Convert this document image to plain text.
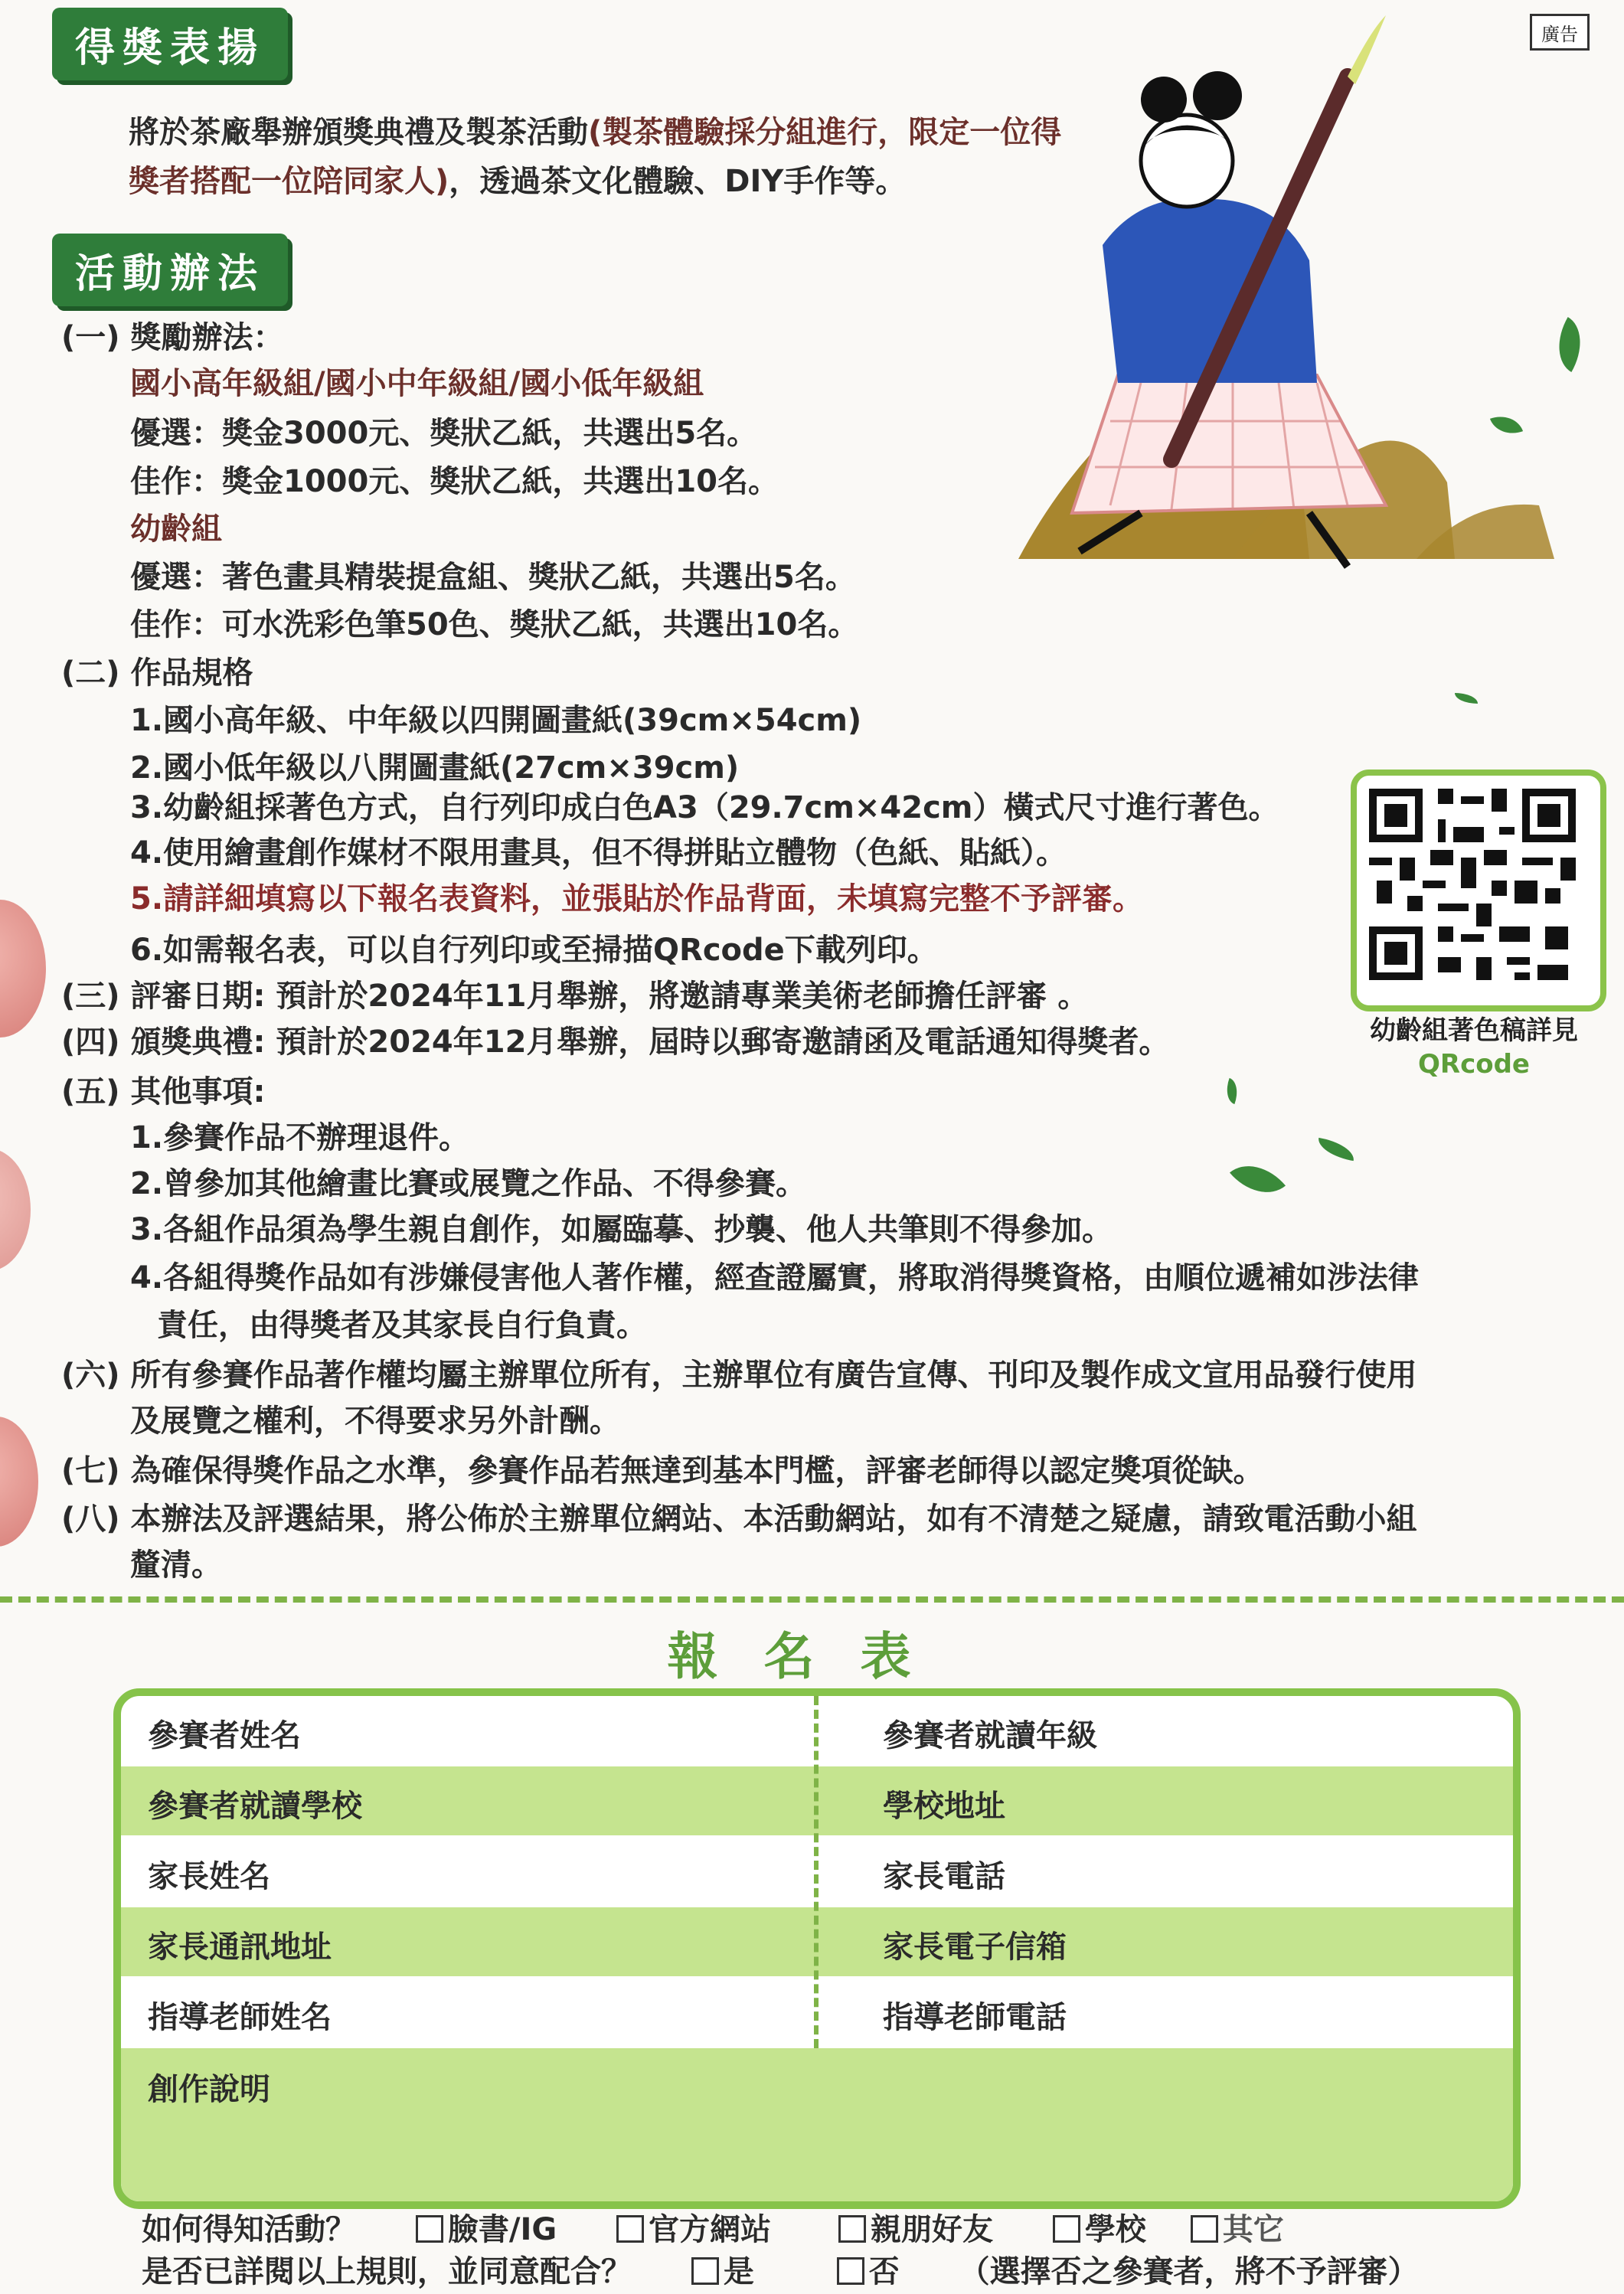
廣告
得獎表揚
將於茶廠舉辦頒獎典禮及製茶活動(製茶體驗採分組進行，限定一位得
獎者搭配一位陪同家人)，透過茶文化體驗、DIY手作等。
活動辦法
(一) 獎勵辦法：
國小高年級組/國小中年級組/國小低年級組
優選：獎金3000元、獎狀乙紙，共選出5名。
佳作：獎金1000元、獎狀乙紙，共選出10名。
幼齡組
優選：著色畫具精裝提盒組、獎狀乙紙，共選出5名。
佳作：可水洗彩色筆50色、獎狀乙紙，共選出10名。
(二) 作品規格
1.國小高年級、中年級以四開圖畫紙(39cm×54cm)
2.國小低年級以八開圖畫紙(27cm×39cm)
3.幼齡組採著色方式，自行列印成白色A3（29.7cm×42cm）橫式尺寸進行著色。
4.使用繪畫創作媒材不限用畫具，但不得拼貼立體物（色紙、貼紙）。
5.請詳細填寫以下報名表資料，並張貼於作品背面，未填寫完整不予評審。
6.如需報名表，可以自行列印或至掃描QRcode下載列印。
(三) 評審日期: 預計於2024年11月舉辦，將邀請專業美術老師擔任評審 。
(四) 頒獎典禮: 預計於2024年12月舉辦，屆時以郵寄邀請函及電話通知得獎者。
(五) 其他事項:
1.參賽作品不辦理退件。
2.曾參加其他繪畫比賽或展覽之作品、不得參賽。
3.各組作品須為學生親自創作，如屬臨摹、抄襲、他人共筆則不得參加。
4.各組得獎作品如有涉嫌侵害他人著作權，經查證屬實，將取消得獎資格，由順位遞補如涉法律
責任，由得獎者及其家長自行負責。
(六) 所有參賽作品著作權均屬主辦單位所有，主辦單位有廣告宣傳、刊印及製作成文宣用品發行使用
及展覽之權利，不得要求另外計酬。
(七) 為確保得獎作品之水準，參賽作品若無達到基本門檻，評審老師得以認定獎項從缺。
(八) 本辦法及評選結果，將公佈於主辦單位網站、本活動網站，如有不清楚之疑慮，請致電活動小組
釐清。
幼齡組著色稿詳見
QRcode
報名表
參賽者姓名	參賽者就讀年級
參賽者就讀學校	學校地址
家長姓名	家長電話
家長通訊地址	家長電子信箱
指導老師姓名	指導老師電話
創作說明
如何得知活動？	臉書/IG	官方網站	親朋好友	學校 其它
是否已詳閱以上規則，並同意配合？	是	否 （選擇否之參賽者，將不予評審）
